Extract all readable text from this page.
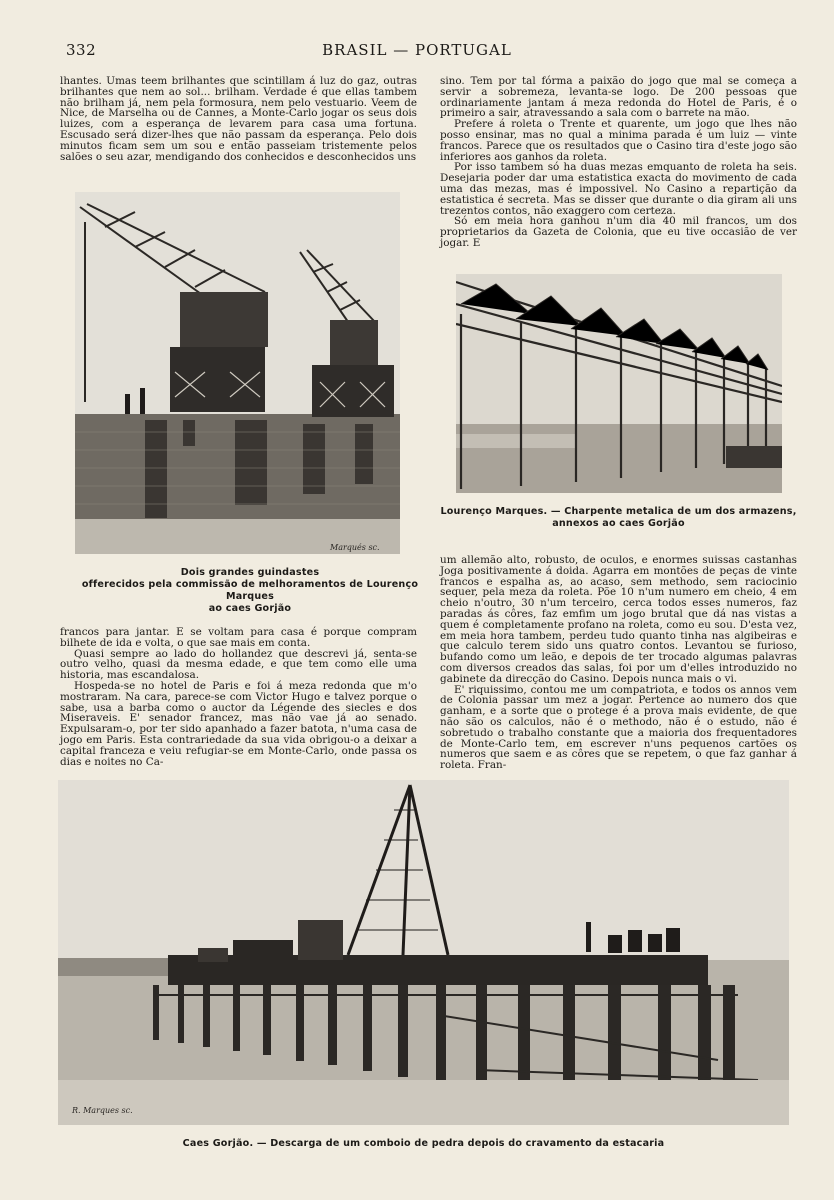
332	BRASIL — PORTUGAL

lhantes. Umas teem brilhantes que scintillam á luz do gaz, outras brilhantes que nem ao sol... brilham. Verdade é que ellas tambem não brilham já, nem pela formosura, nem pelo vestuario. Veem de Nice, de Marselha ou de Cannes, a Monte-Carlo jogar os seus dois luizes, com a esperança de levarem para casa uma fortuna. Escusado será dizer-lhes que não passam da esperança. Pelo dois minutos ficam sem um sou e então passeiam tristemente pelos salões o seu azar, mendigando dos conhecidos e desconhecidos uns

sino. Tem por tal fórma a paixão do jogo que mal se começa a servir a sobremeza, levanta-se logo. De 200 pessoas que ordinariamente jantam á meza redonda do Hotel de Paris, é o primeiro a sair, atravessando a sala com o barrete na mão.

Prefere á roleta o Trente et quarente, um jogo que lhes não posso ensinar, mas no qual a minima parada é um luiz — vinte francos. Parece que os resultados que o Casino tira d'este jogo são inferiores aos ganhos da roleta.

Por isso tambem só ha duas mezas emquanto de roleta ha seis. Desejaria poder dar uma estatistica exacta do movimento de cada uma das mezas, mas é impossivel. No Casino a repartição da estatistica é secreta. Mas se disser que durante o dia giram ali uns trezentos contos, não exaggero com certeza.

Só em meia hora ganhou n'um dia 40 mil francos, um dos proprietarios da Gazeta de Colonia, que eu tive occasião de ver jogar. E

Marqués sc.
Dois grandes guindastes
offerecidos pela commissão de melhoramentos de Lourenço Marques
ao caes Gorjão
Lourenço Marques. — Charpente metalica de um dos armazens,
annexos ao caes Gorjão

francos para jantar. E se voltam para casa é porque compram bilhete de ida e volta, o que sae mais em conta.

Quasi sempre ao lado do hollandez que descrevi já, senta-se outro velho, quasi da mesma edade, e que tem como elle uma historia, mas escandalosa.

Hospeda-se no hotel de Paris e foi á meza redonda que m'o mostraram. Na cara, parece-se com Victor Hugo e talvez porque o sabe, usa a barba como o auctor da Légende des siecles e dos Miseraveis. E' senador francez, mas não vae já ao senado. Expulsaram-o, por ter sido apanhado a fazer batota, n'uma casa de jogo em Paris. Esta contrariedade da sua vida obrigou-o a deixar a capital franceza e veiu refugiar-se em Monte-Carlo, onde passa os dias e noites no Ca-

um allemão alto, robusto, de oculos, e enormes suissas castanhas Joga positivamente á doida. Agarra em montões de peças de vinte francos e espalha as, ao acaso, sem methodo, sem raciocinio sequer, pela meza da roleta. Põe 10 n'um numero em cheio, 4 em cheio n'outro, 30 n'um terceiro, cerca todos esses numeros, faz paradas ás côres, faz emfim um jogo brutal que dá nas vistas a quem é completamente profano na roleta, como eu sou. D'esta vez, em meia hora tambem, perdeu tudo quanto tinha nas algibeiras e que calculo terem sido uns quatro contos. Levantou se furioso, bufando como um leão, e depois de ter trocado algumas palavras com diversos creados das salas, foi por um d'elles introduzido no gabinete da direcção do Casino. Depois nunca mais o vi.

E' riquissimo, contou me um compatriota, e todos os annos vem de Colonia passar um mez a jogar. Pertence ao numero dos que ganham, e a sorte que o protege é a prova mais evidente, de que não são os calculos, não é o methodo, não é o estudo, não é sobretudo o trabalho constante que a maioria dos frequentadores de Monte-Carlo tem, em escrever n'uns pequenos cartões os numeros que saem e as côres que se repetem, o que faz ganhar á roleta. Fran-

R. Marques sc.
Caes Gorjão. — Descarga de um comboio de pedra depois do cravamento da estacaria
